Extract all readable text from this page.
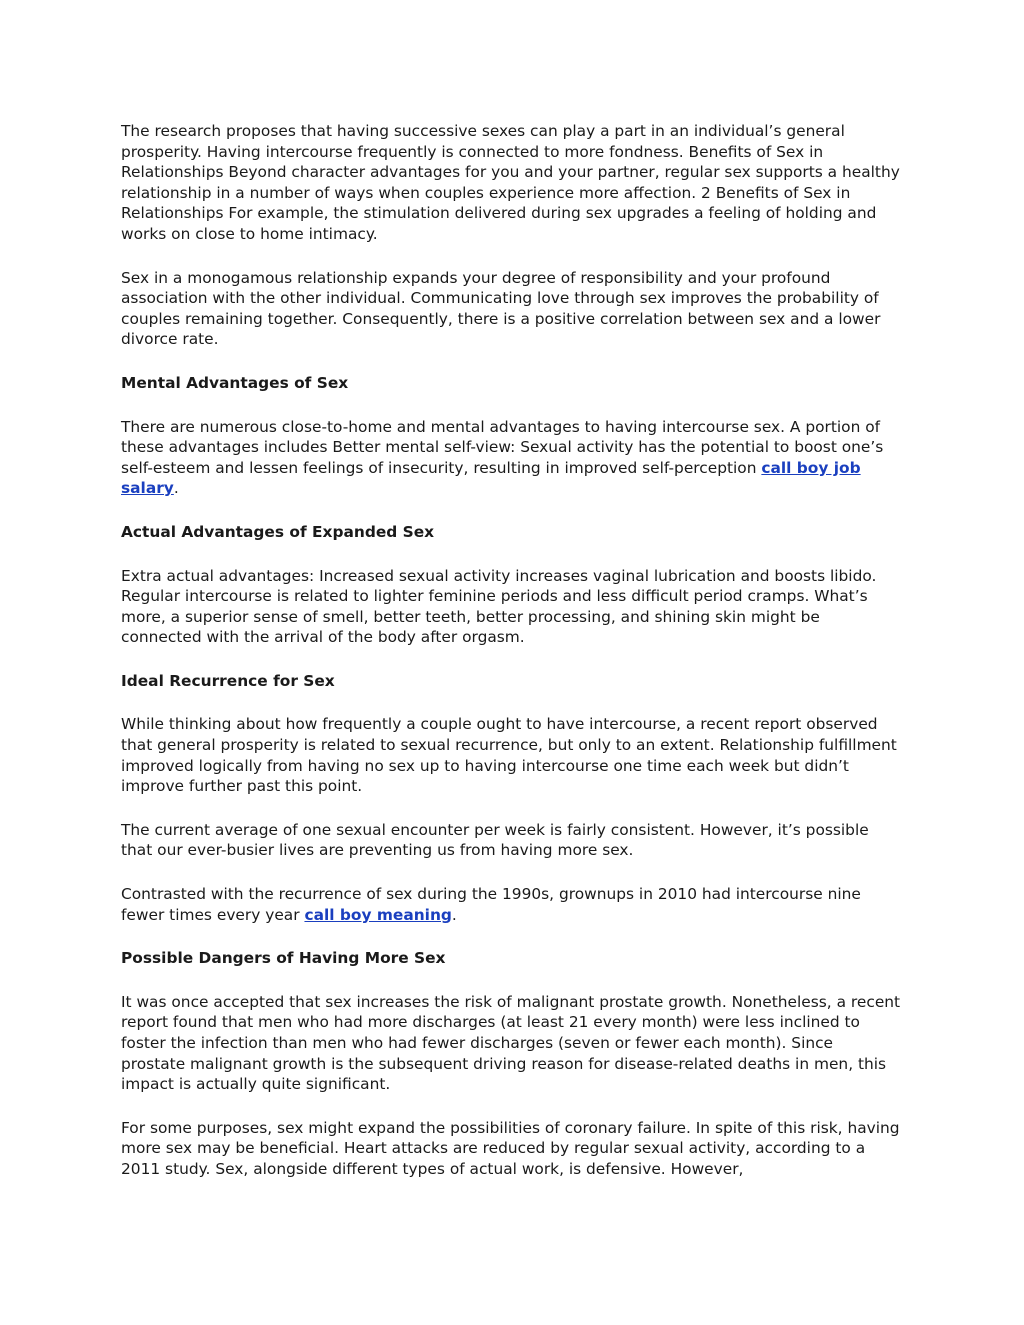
The research proposes that having successive sexes can play a part in an individual’s general prosperity. Having intercourse frequently is connected to more fondness. Benefits of Sex in Relationships Beyond character advantages for you and your partner, regular sex supports a healthy relationship in a number of ways when couples experience more affection. 2 Benefits of Sex in Relationships For example, the stimulation delivered during sex upgrades a feeling of holding and works on close to home intimacy.

Sex in a monogamous relationship expands your degree of responsibility and your profound association with the other individual. Communicating love through sex improves the probability of couples remaining together. Consequently, there is a positive correlation between sex and a lower divorce rate.

Mental Advantages of Sex

There are numerous close-to-home and mental advantages to having intercourse sex. A portion of these advantages includes Better mental self-view: Sexual activity has the potential to boost one’s self-esteem and lessen feelings of insecurity, resulting in improved self-perception call boy job salary.

Actual Advantages of Expanded Sex

Extra actual advantages: Increased sexual activity increases vaginal lubrication and boosts libido. Regular intercourse is related to lighter feminine periods and less difficult period cramps. What’s more, a superior sense of smell, better teeth, better processing, and shining skin might be connected with the arrival of the body after orgasm.

Ideal Recurrence for Sex

While thinking about how frequently a couple ought to have intercourse, a recent report observed that general prosperity is related to sexual recurrence, but only to an extent. Relationship fulfillment improved logically from having no sex up to having intercourse one time each week but didn’t improve further past this point.

The current average of one sexual encounter per week is fairly consistent. However, it’s possible that our ever-busier lives are preventing us from having more sex.

Contrasted with the recurrence of sex during the 1990s, grownups in 2010 had intercourse nine fewer times every year call boy meaning.

Possible Dangers of Having More Sex

It was once accepted that sex increases the risk of malignant prostate growth. Nonetheless, a recent report found that men who had more discharges (at least 21 every month) were less inclined to foster the infection than men who had fewer discharges (seven or fewer each month). Since prostate malignant growth is the subsequent driving reason for disease-related deaths in men, this impact is actually quite significant.

For some purposes, sex might expand the possibilities of coronary failure. In spite of this risk, having more sex may be beneficial. Heart attacks are reduced by regular sexual activity, according to a 2011 study. Sex, alongside different types of actual work, is defensive. However,
